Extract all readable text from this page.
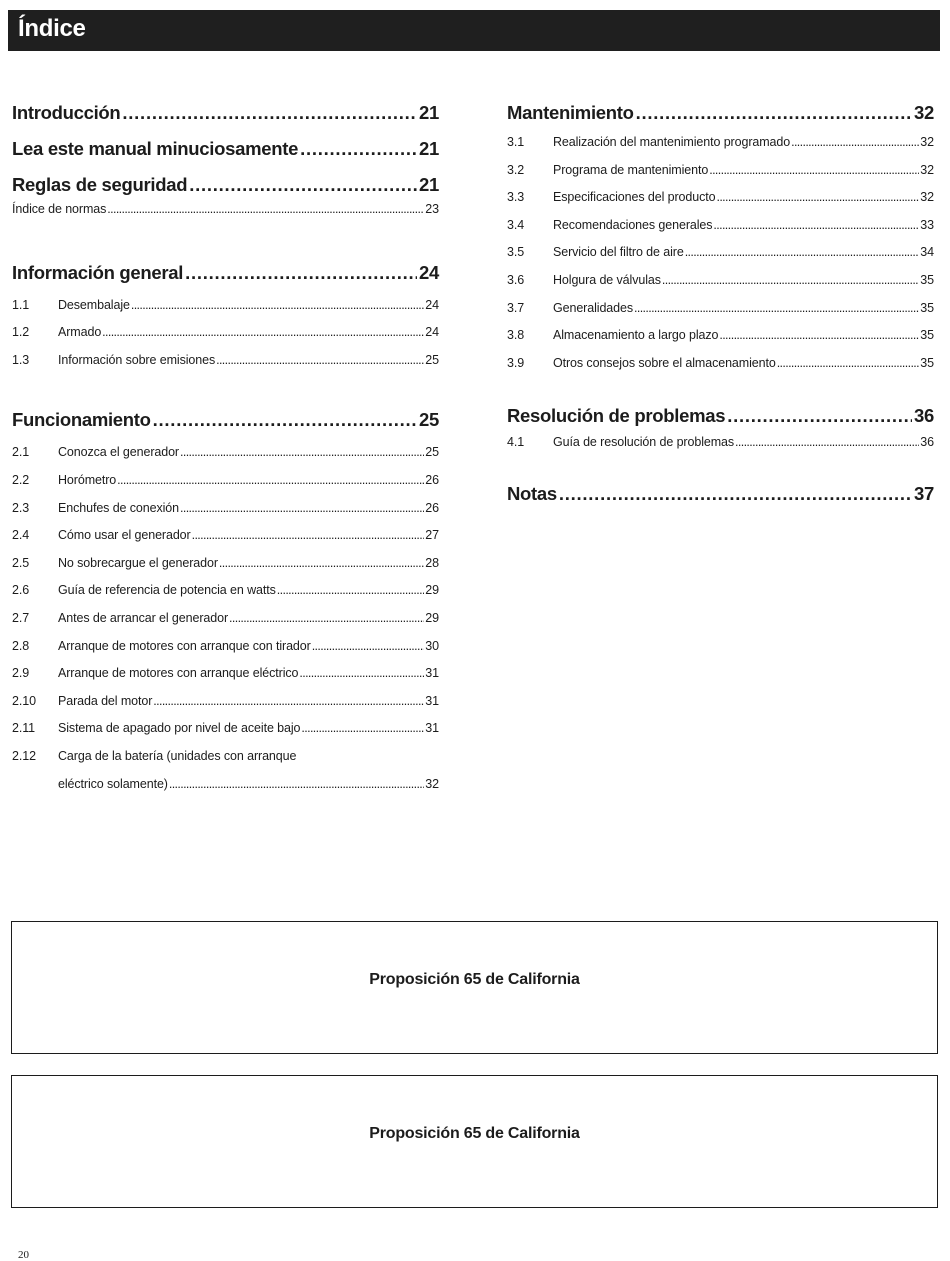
Índice
Introducción . . .	21
Lea este manual minuciosamente . . .	21
Reglas de seguridad . . .	21
Índice de normas . . .	23
Información general . . .	24
1.1	Desembalaje . . .	24
1.2	Armado . . .	24
1.3	Información sobre emisiones . . .	25
Funcionamiento . . .	25
2.1	Conozca el generador . . .	25
2.2	Horómetro . . .	26
2.3	Enchufes de conexión . . .	26
2.4	Cómo usar el generador . . .	27
2.5	No sobrecargue el generador . . .	28
2.6	Guía de referencia de potencia en watts . . .	29
2.7	Antes de arrancar el generador . . .	29
2.8	Arranque de motores con arranque con tirador . . .	30
2.9	Arranque de motores con arranque eléctrico . . .	31
2.10	Parada del motor . . .	31
2.11	Sistema de apagado por nivel de aceite bajo . . .	31
2.12	Carga de la batería (unidades con arranque
eléctrico solamente) . . .	32
Mantenimiento . . .	32
3.1	Realización del mantenimiento programado . . .	32
3.2	Programa de mantenimiento . . .	32
3.3	Especificaciones del producto . . .	32
3.4	Recomendaciones generales . . .	33
3.5	Servicio del filtro de aire . . .	34
3.6	Holgura de válvulas . . .	35
3.7	Generalidades . . .	35
3.8	Almacenamiento a largo plazo . . .	35
3.9	Otros consejos sobre el almacenamiento . . .	35
Resolución de problemas . . .	36
4.1	Guía de resolución de problemas . . .	36
Notas . . .	37
Proposición 65 de California
Proposición 65 de California
20
